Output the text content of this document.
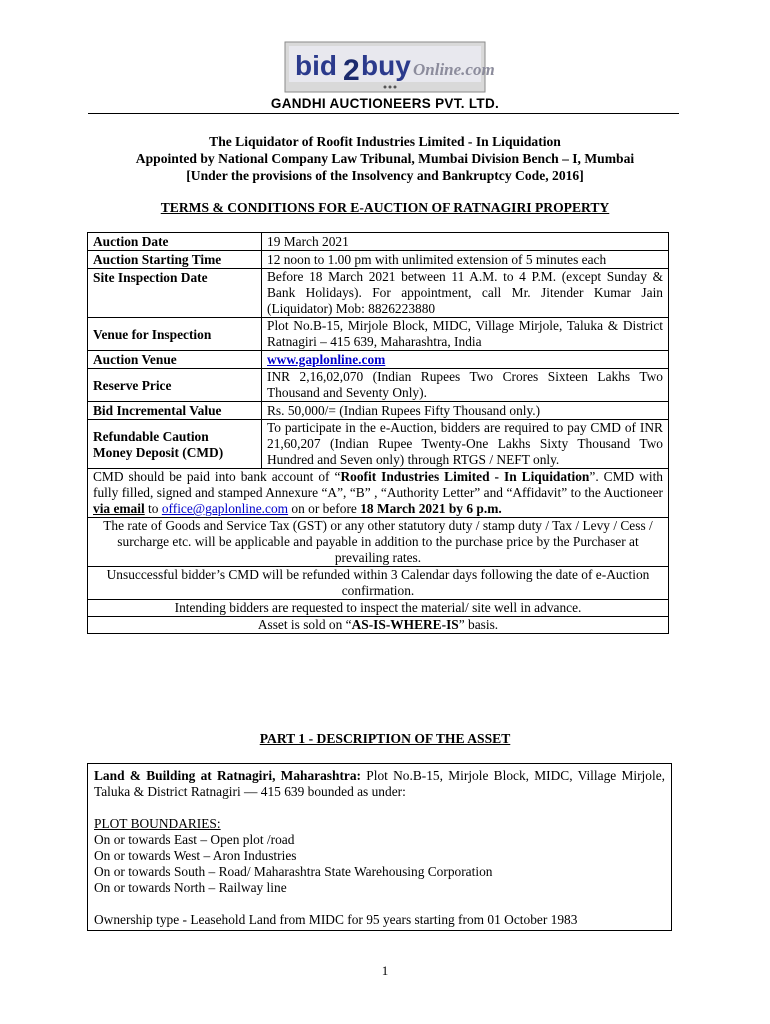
bid 2 buy Online.com
GANDHI AUCTIONEERS PVT. LTD.
The Liquidator of Roofit Industries Limited - In Liquidation
Appointed by National Company Law Tribunal, Mumbai Division Bench – I, Mumbai
[Under the provisions of the Insolvency and Bankruptcy Code, 2016]
TERMS & CONDITIONS FOR E-AUCTION OF RATNAGIRI PROPERTY
Auction Date	19 March 2021
Auction Starting Time	12 noon to 1.00 pm with unlimited extension of 5 minutes each
Site Inspection Date	Before 18 March 2021 between 11 A.M. to 4 P.M. (except Sunday & Bank Holidays). For appointment, call Mr. Jitender Kumar Jain (Liquidator) Mob: 8826223880
Venue for Inspection	Plot No.B-15, Mirjole Block, MIDC, Village Mirjole, Taluka & District Ratnagiri – 415 639, Maharashtra, India
Auction Venue	www.gaplonline.com
Reserve Price	INR 2,16,02,070 (Indian Rupees Two Crores Sixteen Lakhs Two Thousand and Seventy Only).
Bid Incremental Value	Rs. 50,000/= (Indian Rupees Fifty Thousand only.)

Refundable Caution
Money Deposit (CMD)	To participate in the e-Auction, bidders are required to pay CMD of INR 21,60,207 (Indian Rupee Twenty-One Lakhs Sixty Thousand Two Hundred and Seven only) through RTGS / NEFT only.
CMD should be paid into bank account of “Roofit Industries Limited - In Liquidation”. CMD with fully filled, signed and stamped Annexure “A”, “B” , “Authority Letter” and “Affidavit” to the Auctioneer via email to office@gaplonline.com on or before 18 March 2021 by 6 p.m.	
The rate of Goods and Service Tax (GST) or any other statutory duty / stamp duty / Tax / Levy / Cess / surcharge etc. will be applicable and payable in addition to the purchase price by the Purchaser at prevailing rates.	
Unsuccessful bidder’s CMD will be refunded within 3 Calendar days following the date of e-Auction confirmation.	
Intending bidders are requested to inspect the material/ site well in advance.	
Asset is sold on “AS-IS-WHERE-IS” basis.	
PART 1 - DESCRIPTION OF THE ASSET

Land & Building at Ratnagiri, Maharashtra: Plot No.B-15, Mirjole Block, MIDC, Village Mirjole, Taluka & District Ratnagiri — 415 639 bounded as under:

PLOT BOUNDARIES:

On or towards East – Open plot /road

On or towards West – Aron Industries

On or towards South – Road/ Maharashtra State Warehousing Corporation

On or towards North – Railway line

Ownership type - Leasehold Land from MIDC for 95 years starting from 01 October 1983

1
